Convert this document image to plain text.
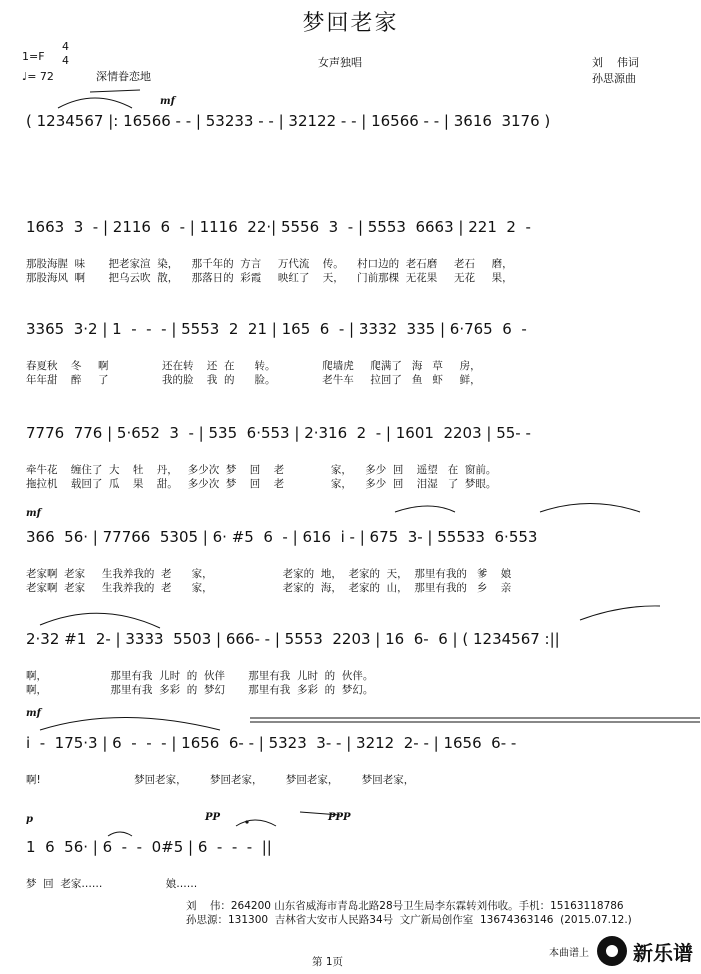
梦回老家
1=F
4
4
♩= 72	深情眷恋地
女声独唱	刘    伟词
孙思源曲
mf
mf
mf
p	PP	PPP
( 1234567 |: 16566 - - | 53233 - - | 32122 - - | 16566 - - | 3616  3176 )
1663  3  - | 2116  6  - | 1116  22·| 5556  3  - | 5553  6663 | 221  2  -
那股海腥  味       把老家渲  染，    那千年的  方言     万代流    传。    村口边的  老石磨     老石     磨，
那股海风  啊       把乌云吹  散，    那落日的  彩霞     映红了    天，    门前那棵  无花果     无花     果，
3365  3·2 | 1  -  -  - | 5553  2  21 | 165  6  - | 3332  335 | 6·765  6  -
春夏秋    冬     啊                还在转    还  在      转。              爬墙虎     爬满了   海   草     房，
年年甜    醉     了                我的脸    我  的      脸。              老牛车     拉回了   鱼   虾     鲜，
7776  776 | 5·652  3  - | 535  6·553 | 2·316  2  - | 1601  2203 | 55- -
牵牛花    缠住了  大    牡    丹，   多少次  梦    回    老              家，    多少  回    遥望   在  窗前。
拖拉机    载回了  瓜    果    甜。   多少次  梦    回    老              家，    多少  回    泪湿   了  梦眼。
366  56· | 77766  5305 | 6· #5  6  - | 616  i - | 675  3- | 55533  6·553
老家啊  老家     生我养我的  老      家，                     老家的  地，  老家的  天，  那里有我的   爹    娘
老家啊  老家     生我养我的  老      家，                     老家的  海，  老家的  山，  那里有我的   乡    亲
2·32 #1  2- | 3333  5503 | 666- - | 5553  2203 | 16  6-  6 | ( 1234567 :||
啊，                   那里有我  儿时  的  伙伴       那里有我  儿时  的  伙伴。
啊，                   那里有我  多彩  的  梦幻       那里有我  多彩  的  梦幻。
i  -  175·3 | 6  -  -  - | 1656  6- - | 5323  3- - | 3212  2- - | 1656  6- -
啊!                            梦回老家，       梦回老家，       梦回老家，       梦回老家，
1  6  56· | 6  -  -  0#5 | 6  -  -  -  ||
梦  回  老家……                   娘……
刘    伟：264200 山东省威海市青岛北路28号卫生局李东霖转刘伟收。手机：15163118786
孙思源：131300  吉林省大安市人民路34号  文广新局创作室  13674363146  (2015.07.12.)
第 1页
本曲谱上 新乐谱
